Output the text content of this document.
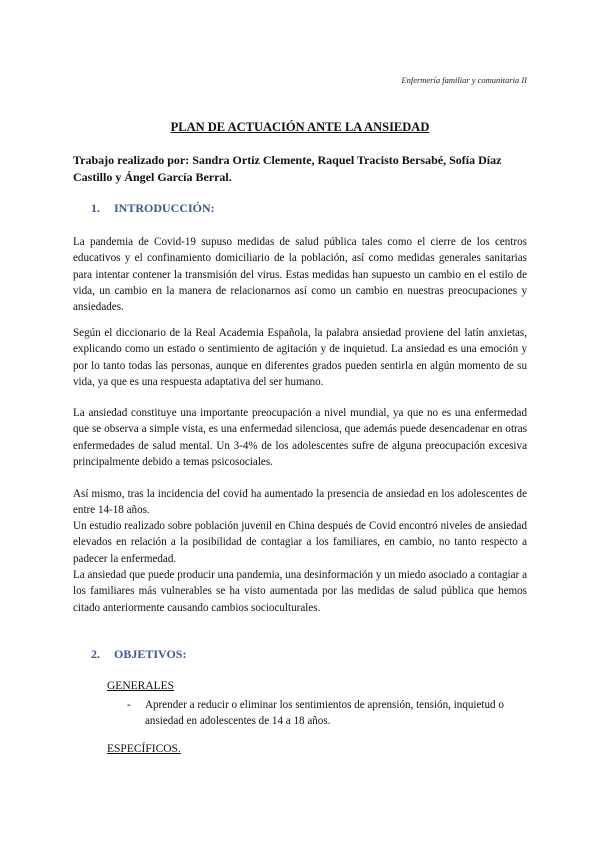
Enfermería familiar y comunitaria II
PLAN DE ACTUACIÓN ANTE LA ANSIEDAD
Trabajo realizado por: Sandra Ortiz Clemente, Raquel Tracisto Bersabé, Sofía Díaz Castillo y Ángel García Berral.
1. INTRODUCCIÓN:

La pandemia de Covid-19 supuso medidas de salud pública tales como el cierre de los centros educativos y el confinamiento domiciliario de la población, así como medidas generales sanitarias para intentar contener la transmisión del virus. Estas medidas han supuesto un cambio en el estilo de vida, un cambio en la manera de relacionarnos así como un cambio en nuestras preocupaciones y ansiedades.

Según el diccionario de la Real Academia Española, la palabra ansiedad proviene del latín anxietas, explicando como un estado o sentimiento de agitación y de inquietud. La ansiedad es una emoción y por lo tanto todas las personas, aunque en diferentes grados pueden sentirla en algún momento de su vida, ya que es una respuesta adaptativa del ser humano.

La ansiedad constituye una importante preocupación a nivel mundial, ya que no es una enfermedad que se observa a simple vista, es una enfermedad silenciosa, que además puede desencadenar en otras enfermedades de salud mental. Un 3-4% de los adolescentes sufre de alguna preocupación excesiva principalmente debido a temas psicosociales.

Así mismo, tras la incidencia del covid ha aumentado la presencia de ansiedad en los adolescentes de entre 14-18 años.

Un estudio realizado sobre población juvenil en China después de Covid encontró niveles de ansiedad elevados en relación a la posibilidad de contagiar a los familiares, en cambio, no tanto respecto a padecer la enfermedad.

La ansiedad que puede producir una pandemia, una desinformación y un miedo asociado a contagiar a los familiares más vulnerables se ha visto aumentada por las medidas de salud pública que hemos citado anteriormente causando cambios socioculturales.

2. OBJETIVOS:
GENERALES
- Aprender a reducir o eliminar los sentimientos de aprensión, tensión, inquietud o ansiedad en adolescentes de 14 a 18 años.
ESPECÍFICOS.
